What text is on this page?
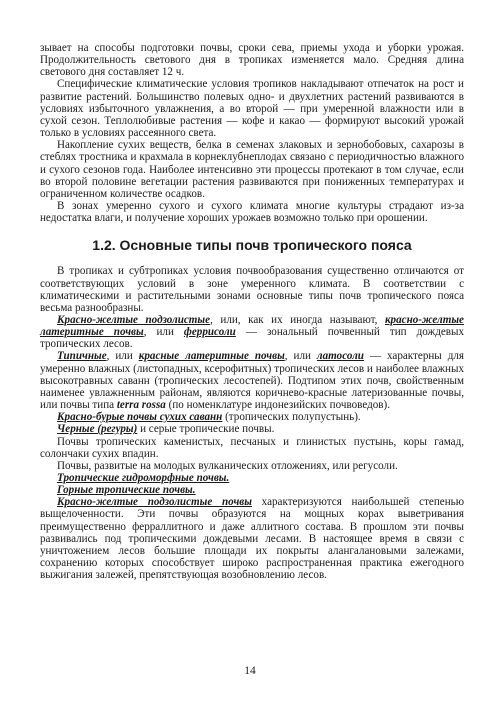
зывает на способы подготовки почвы, сроки сева, приемы ухода и уборки урожая. Продолжительность светового дня в тропиках изменяется мало. Средняя длина светового дня составляет 12 ч.

Специфические климатические условия тропиков накладывают отпечаток на рост и развитие растений. Большинство полевых одно- и двухлетних растений развиваются в условиях избыточного увлажнения, а во второй — при умеренной влажности или в сухой сезон. Теплолюбивые растения — кофе и какао — формируют высокий урожай только в условиях рассеянного света.

Накопление сухих веществ, белка в семенах злаковых и зернобобовых, сахарозы в стеблях тростника и крахмала в корнеклубнеплодах связано с периодичностью влажного и сухого сезонов года. Наиболее интенсивно эти процессы протекают в том случае, если во второй половине вегетации растения развиваются при пониженных температурах и ограниченном количестве осадков.

В зонах умеренно сухого и сухого климата многие культуры страдают из-за недостатка влаги, и получение хороших урожаев возможно только при орошении.

1.2. Основные типы почв тропического пояса

В тропиках и субтропиках условия почвообразования существенно отличаются от соответствующих условий в зоне умеренного климата. В соответствии с климатическими и растительными зонами основные типы почв тропического пояса весьма разнообразны.

Красно-желтые подзолистые, или, как их иногда называют, красно-желтые латеритные почвы, или феррисоли — зональный почвенный тип дождевых тропических лесов.

Типичные, или красные латеритные почвы, или латосоли — характерны для умеренно влажных (листопадных, ксерофитных) тропических лесов и наиболее влажных высокотравных саванн (тропических лесостепей). Подтипом этих почв, свойственным наименее увлажненным районам, являются коричнево-красные латеризованные почвы, или почвы типа terra rossa (по номенклатуре индонезийских почвоведов).

Красно-бурые почвы сухих саванн (тропических полупустынь).

Черные (регуры) и серые тропические почвы.

Почвы тропических каменистых, песчаных и глинистых пустынь, коры гамад, солончаки сухих впадин.

Почвы, развитые на молодых вулканических отложениях, или регусоли.

Тропические гидроморфные почвы.

Горные тропические почвы.

Красно-желтые подзолистые почвы характеризуются наибольшей степенью выщелоченности. Эти почвы образуются на мощных корах выветривания преимущественно ферраллитного и даже аллитного состава. В прошлом эти почвы развивались под тропическими дождевыми лесами. В настоящее время в связи с уничтожением лесов большие площади их покрыты алангалановыми залежами, сохранению которых способствует широко распространенная практика ежегодного выжигания залежей, препятствующая возобновлению лесов.

14
